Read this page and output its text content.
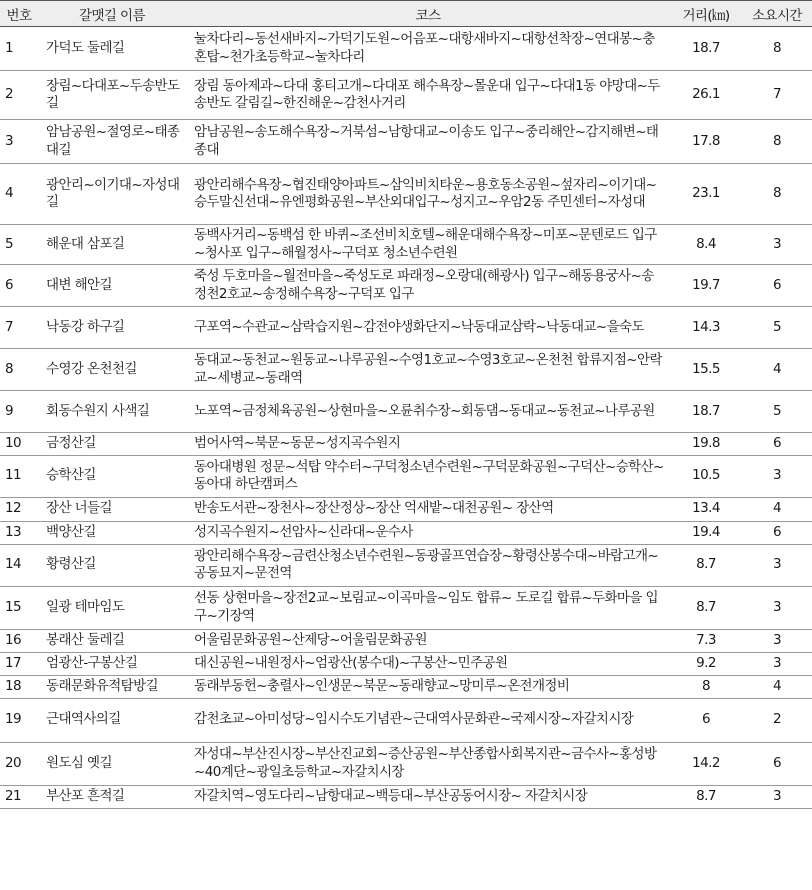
번호	갈맷길 이름	코스	거리(㎞)	소요시간
1	가덕도 둘레길	눌차다리~동선새바지~가덕기도원~어음포~대항새바지~대항선착장~연대봉~충혼탑~천가초등학교~눌차다리	18.7	8
2	장림~다대포~두송반도길	장림 동아제과~다대 홍티고개~다대포 해수욕장~몰운대 입구~다대1동 야망대~두송반도 갈림길~한진해운~감천사거리	26.1	7
3	암남공원~절영로~태종대길	암남공원~송도해수욕장~거북섬~남항대교~이송도 입구~중리해안~감지해변~태종대	17.8	8
4	광안리~이기대~자성대길	광안리해수욕장~협진태양아파트~삼익비치타운~용호동소공원~섶자리~이기대~승두말신선대~유엔평화공원~부산외대입구~성지고~우암2동 주민센터~자성대	23.1	8
5	해운대 삼포길	동백사거리~동백섬 한 바퀴~조선비치호텔~해운대해수욕장~미포~문텐로드 입구~청사포 입구~해월정사~구덕포 청소년수련원	8.4	3
6	대변 해안길	죽성 두호마을~월전마을~죽성도로 파래정~오랑대(해광사) 입구~해동용궁사~송정천2호교~송정해수욕장~구덕포 입구	19.7	6
7	낙동강 하구길	구포역~수관교~삼락습지원~감전야생화단지~낙동대교삼락~낙동대교~을숙도	14.3	5
8	수영강 온천천길	동대교~동천교~원동교~나루공원~수영1호교~수영3호교~온천천 합류지점~안락교~세병교~동래역	15.5	4
9	회동수원지 사색길	노포역~금정체육공원~상현마을~오륜취수장~회동댐~동대교~동천교~나루공원	18.7	5
10	금정산길	범어사역~북문~동문~성지곡수원지	19.8	6
11	승학산길	동아대병원 정문~석탑 약수터~구덕청소년수련원~구덕문화공원~구덕산~승학산~동아대 하단캠퍼스	10.5	3
12	장산 너들길	반송도서관~장천사~장산정상~장산 억새밭~대천공원~ 장산역	13.4	4
13	백양산길	성지곡수원지~선암사~신라대~운수사	19.4	6
14	황령산길	광안리해수욕장~금련산청소년수련원~동광골프연습장~황령산봉수대~바람고개~공동묘지~문전역	8.7	3
15	일광 테마임도	선동 상현마을~장전2교~보림교~이곡마을~임도 합류~ 도로길 합류~두화마을 입구~기장역	8.7	3
16	봉래산 둘레길	어울림문화공원~산제당~어울림문화공원	7.3	3
17	엄광산-구봉산길	대신공원~내원정사~엄광산(봉수대)~구봉산~민주공원	9.2	3
18	동래문화유적탐방길	동래부동헌~충렬사~인생문~북문~동래향교~망미루~온전개정비	8	4
19	근대역사의길	감천초교~아미성당~임시수도기념관~근대역사문화관~국제시장~자갈치시장	6	2
20	원도심 옛길	자성대~부산진시장~부산진교회~증산공원~부산종합사회복지관~금수사~홍성방~40계단~광일초등학교~자갈치시장	14.2	6
21	부산포 흔적길	자갈치역~영도다리~남항대교~백등대~부산공동어시장~ 자갈치시장	8.7	3
